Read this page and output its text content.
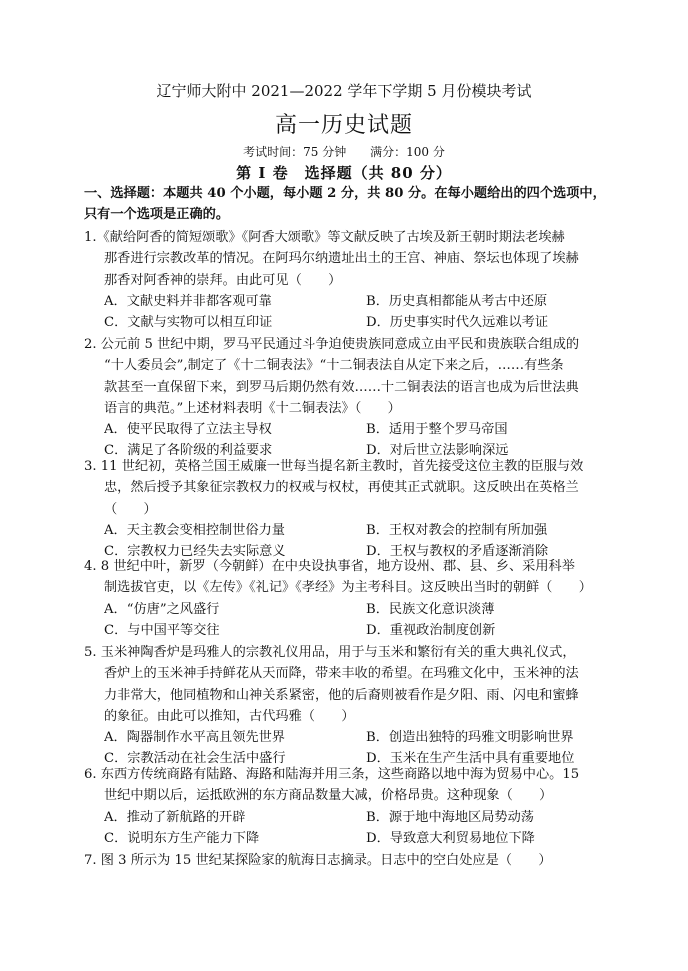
辽宁师大附中 2021—2022 学年下学期 5 月份模块考试
高一历史试题
考试时间：75 分钟 满分：100 分
第 Ⅰ 卷　选择题（共 80 分）
一、选择题：本题共 40 个小题，每小题 2 分，共 80 分。在每小题给出的四个选项中，
只有一个选项是正确的。
1.《献给阿香的简短颂歌》《阿香大颂歌》等文献反映了古埃及新王朝时期法老埃赫
那香进行宗教改革的情况。在阿玛尔纳遗址出土的王宫、神庙、祭坛也体现了埃赫
那香对阿香神的崇拜。由此可见（　　）
A．文献史料并非都客观可靠	B．历史真相都能从考古中还原
C．文献与实物可以相互印证	D．历史事实时代久远难以考证
2. 公元前 5 世纪中期，罗马平民通过斗争迫使贵族同意成立由平民和贵族联合组成的
“十人委员会”,制定了《十二铜表法》“十二铜表法自从定下来之后，……有些条
款甚至一直保留下来，到罗马后期仍然有效……十二铜表法的语言也成为后世法典
语言的典范。”上述材料表明《十二铜表法》（　　）
A．使平民取得了立法主导权	B．适用于整个罗马帝国
C．满足了各阶级的利益要求	D．对后世立法影响深远
3. 11 世纪初，英格兰国王威廉一世每当提名新主教时，首先接受这位主教的臣服与效
忠，然后授予其象征宗教权力的权戒与权杖，再使其正式就职。这反映出在英格兰
（　　）
A．天主教会变相控制世俗力量	B．王权对教会的控制有所加强
C．宗教权力已经失去实际意义	D．王权与教权的矛盾逐渐消除
4. 8 世纪中叶，新罗（今朝鲜）在中央设执事省，地方设州、郡、县、乡、采用科举
制选拔官吏，以《左传》《礼记》《孝经》为主考科目。这反映出当时的朝鲜（　　）
A．“仿唐”之风盛行	B．民族文化意识淡薄
C．与中国平等交往	D．重视政治制度创新
5. 玉米神陶香炉是玛雅人的宗教礼仪用品，用于与玉米和繁衍有关的重大典礼仪式，
香炉上的玉米神手持鲜花从天而降，带来丰收的希望。在玛雅文化中，玉米神的法
力非常大，他同植物和山神关系紧密，他的后裔则被看作是夕阳、雨、闪电和蜜蜂
的象征。由此可以推知，古代玛雅（　　）
A．陶器制作水平高且领先世界	B．创造出独特的玛雅文明影响世界
C．宗教活动在社会生活中盛行	D．玉米在生产生活中具有重要地位
6. 东西方传统商路有陆路、海路和陆海并用三条，这些商路以地中海为贸易中心。15
世纪中期以后，运抵欧洲的东方商品数量大减，价格昂贵。这种现象（　　）
A．推动了新航路的开辟	B．源于地中海地区局势动荡
C．说明东方生产能力下降	D．导致意大利贸易地位下降
7. 图 3 所示为 15 世纪某探险家的航海日志摘录。日志中的空白处应是（　　）
